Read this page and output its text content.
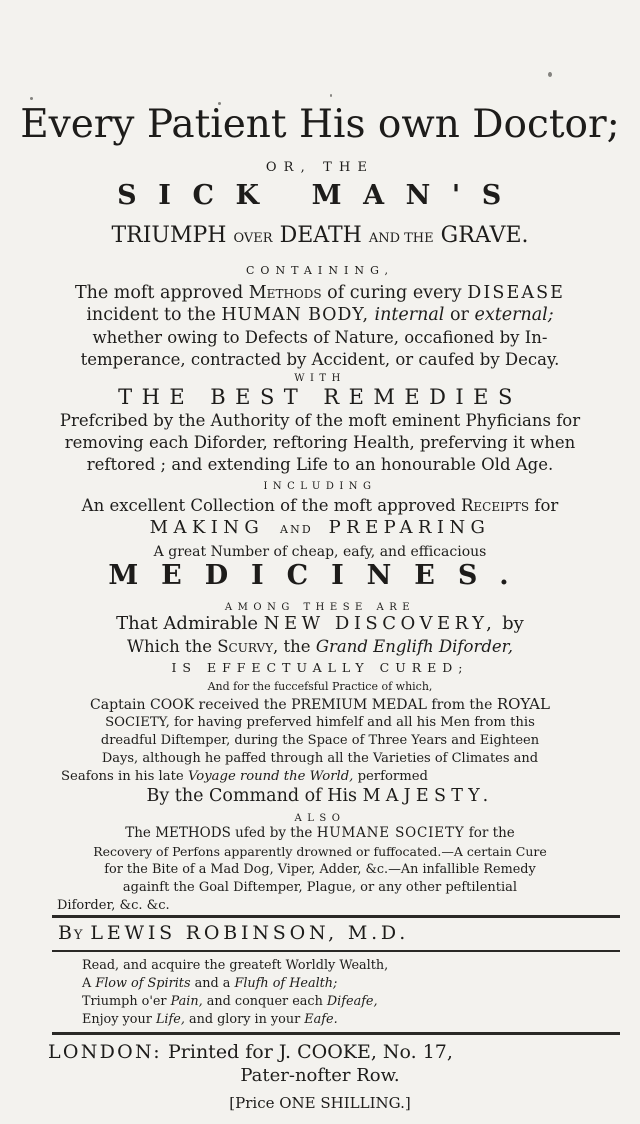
Every Patient His own Doctor;
OR, THE
SICK MAN'S
TRIUMPH OVER DEATH AND THE GRAVE.
CONTAINING,
The moft approved Methods of curing every DISEASE
incident to the HUMAN BODY, internal or external;
whether owing to Defects of Nature, occafioned by In-
temperance, contracted by Accident, or caufed by Decay.
WITH
THE BEST REMEDIES
Prefcribed by the Authority of the moft eminent Phyficians for
removing each Diforder, reftoring Health, preferving it when
reftored ; and extending Life to an honourable Old Age.
INCLUDING
An excellent Collection of the moft approved Receipts for
MAKING AND PREPARING
A great Number of cheap, eafy, and efficacious
MEDICINES.
AMONG THESE ARE
That Admirable NEW DISCOVERY, by
Which the Scurvy, the Grand Englifh Diforder,
IS EFFECTUALLY CURED;
And for the fuccefsful Practice of which,
Captain COOK received the PREMIUM MEDAL from the ROYAL
SOCIETY, for having preferved himfelf and all his Men from this
dreadful Diftemper, during the Space of Three Years and Eighteen
Days, although he paffed through all the Varieties of Climates and
Seafons in his late Voyage round the World, performed
By the Command of His MAJESTY.
ALSO
The METHODS ufed by the HUMANE SOCIETY for the
Recovery of Perfons apparently drowned or fuffocated.—A certain Cure
for the Bite of a Mad Dog, Viper, Adder, &c.—An infallible Remedy
againft the Goal Diftemper, Plague, or any other peftilential
Diforder, &c. &c.
By LEWIS ROBINSON, M.D.
Read, and acquire the greateft Worldly Wealth,
A Flow of Spirits and a Flufh of Health;
Triumph o'er Pain, and conquer each Difeafe,
Enjoy your Life, and glory in your Eafe.
LONDON: Printed for J. COOKE, No. 17,
Pater-nofter Row.
[Price ONE SHILLING.]
